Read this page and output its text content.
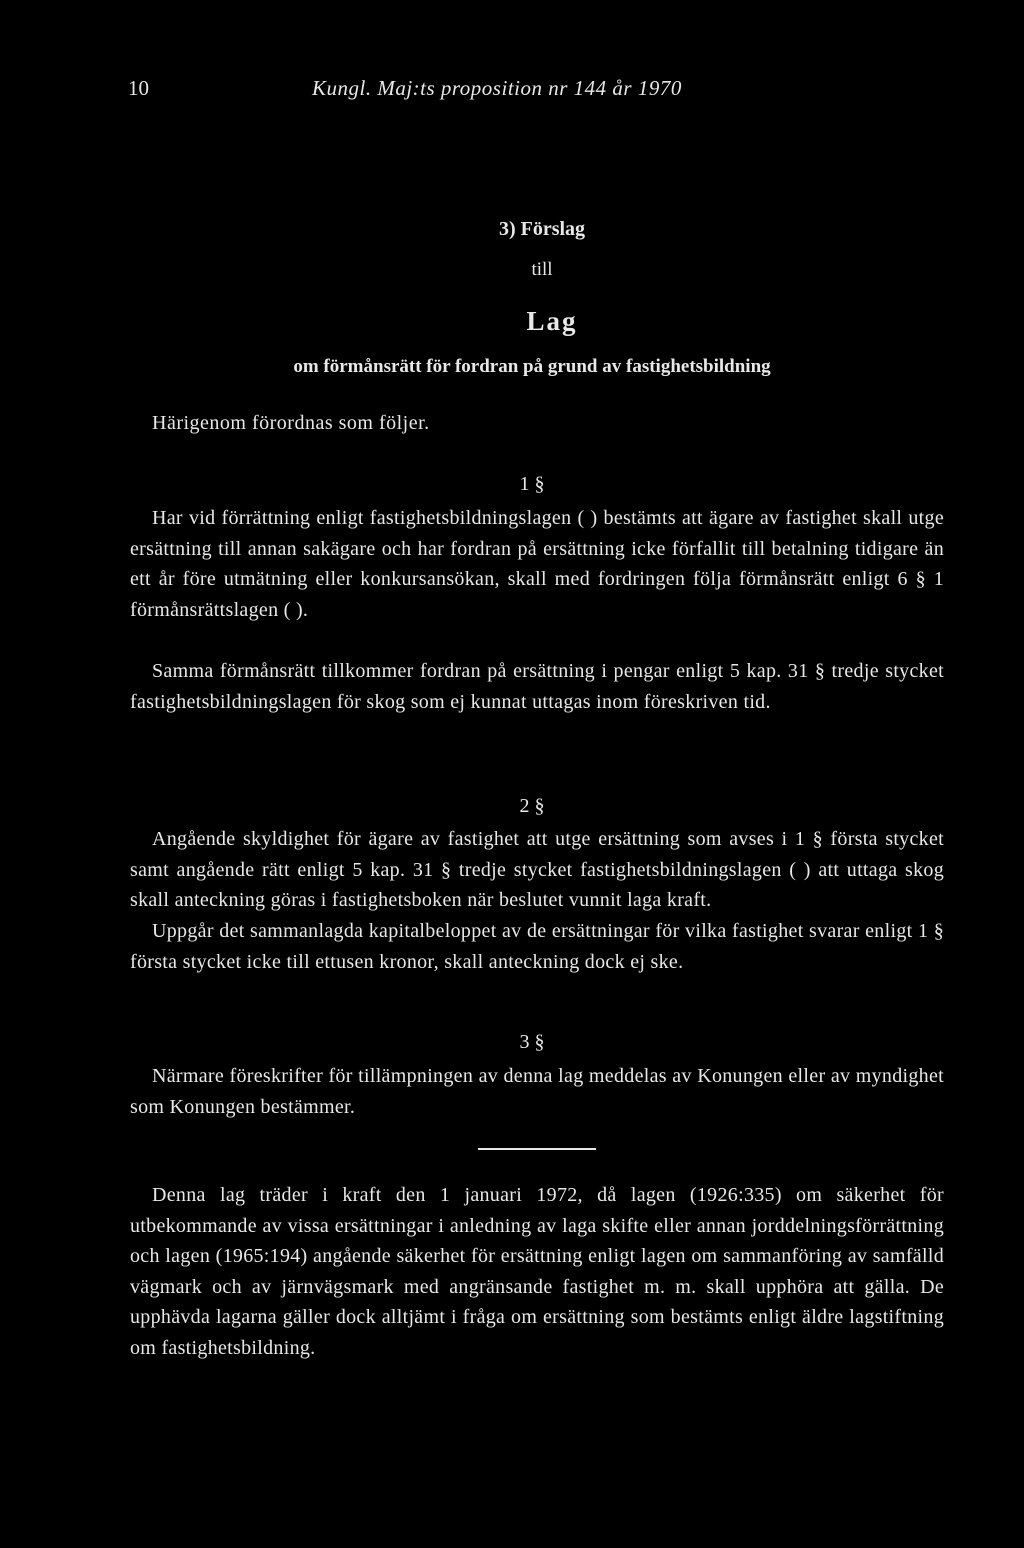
10	Kungl. Maj:ts proposition nr 144 år 1970
3) Förslag
till
Lag
om förmånsrätt för fordran på grund av fastighetsbildning
Härigenom förordnas som följer.
1 §

Har vid förrättning enligt fastighetsbildningslagen ( ) bestämts att ägare av fastighet skall utge ersättning till annan sakägare och har fordran på ersättning icke förfallit till betalning tidigare än ett år före utmätning eller konkursansökan, skall med fordringen följa förmånsrätt enligt 6 § 1 förmånsrättslagen ( ).

Samma förmånsrätt tillkommer fordran på ersättning i pengar enligt 5 kap. 31 § tredje stycket fastighetsbildningslagen för skog som ej kunnat uttagas inom föreskriven tid.

2 §

Angående skyldighet för ägare av fastighet att utge ersättning som avses i 1 § första stycket samt angående rätt enligt 5 kap. 31 § tredje stycket fastighetsbildningslagen ( ) att uttaga skog skall anteckning göras i fastighetsboken när beslutet vunnit laga kraft.

Uppgår det sammanlagda kapitalbeloppet av de ersättningar för vilka fastighet svarar enligt 1 § första stycket icke till ettusen kronor, skall anteckning dock ej ske.

3 §

Närmare föreskrifter för tillämpningen av denna lag meddelas av Konungen eller av myndighet som Konungen bestämmer.

Denna lag träder i kraft den 1 januari 1972, då lagen (1926:335) om säkerhet för utbekommande av vissa ersättningar i anledning av laga skifte eller annan jorddelningsförrättning och lagen (1965:194) angående säkerhet för ersättning enligt lagen om sammanföring av samfälld vägmark och av järnvägsmark med angränsande fastighet m. m. skall upphöra att gälla. De upphävda lagarna gäller dock alltjämt i fråga om ersättning som bestämts enligt äldre lagstiftning om fastighetsbildning.
